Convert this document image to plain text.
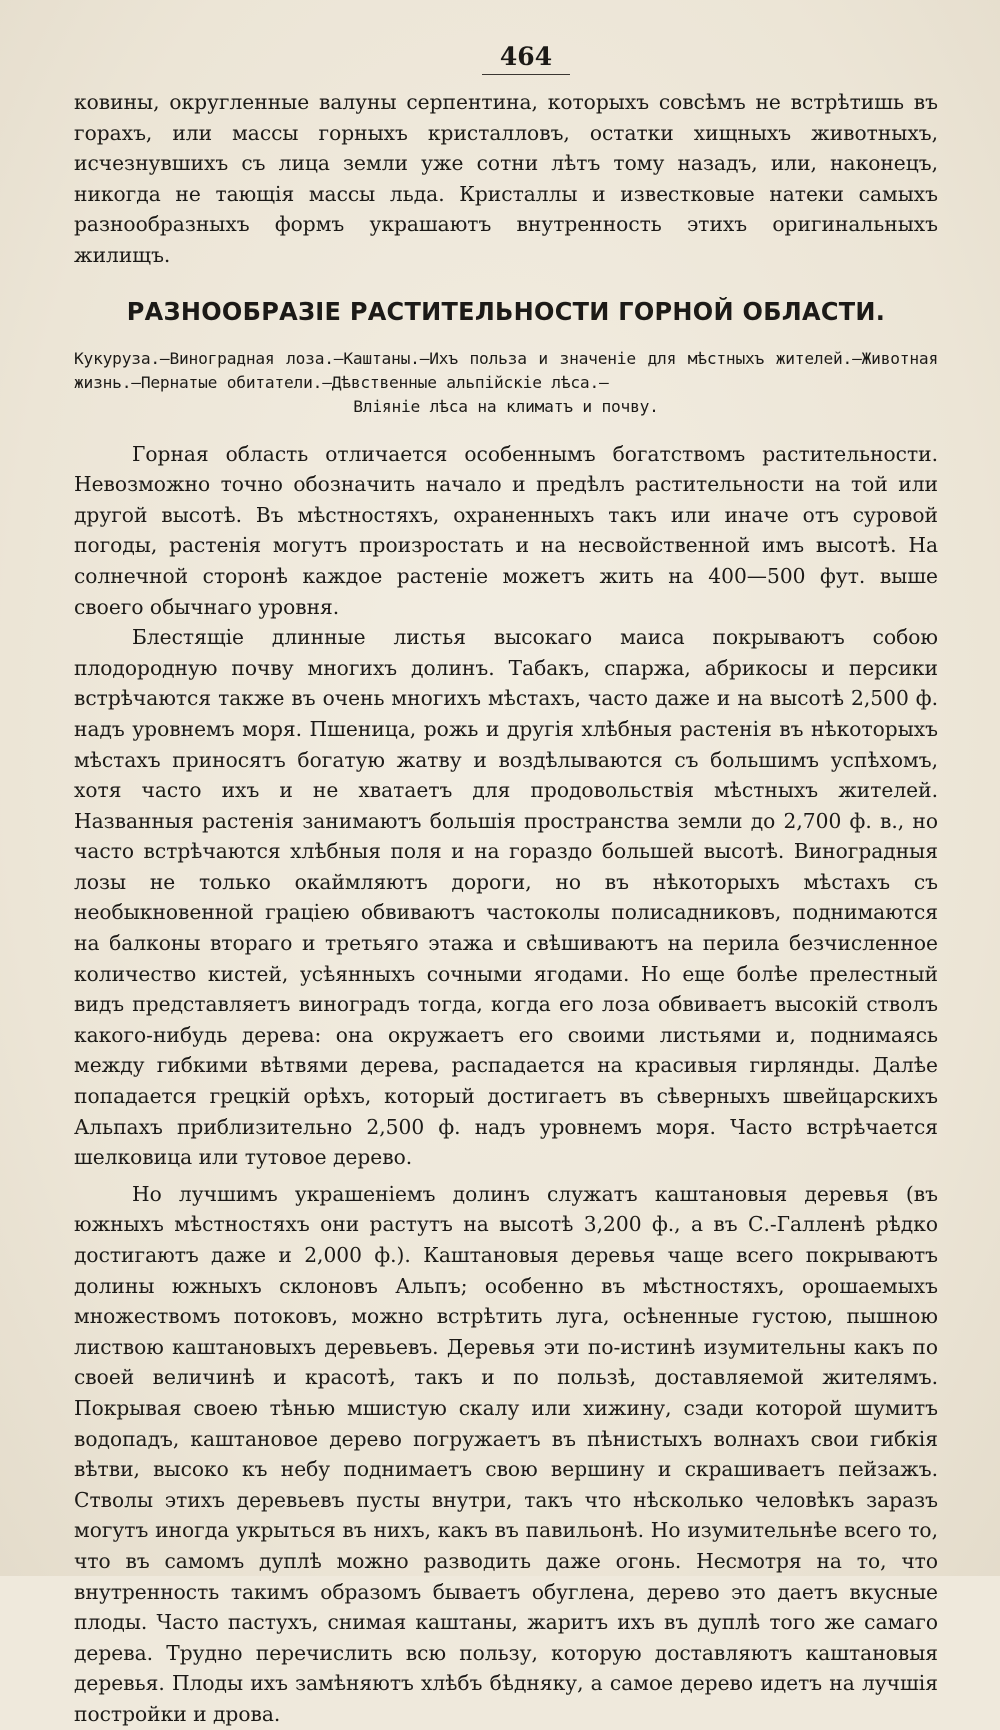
464

ковины, округленные валуны серпентина, которыхъ совсѣмъ не встрѣтишь въ горахъ, или массы горныхъ кристалловъ, остатки хищныхъ животныхъ, исчезнувшихъ съ лица земли уже сотни лѣтъ тому назадъ, или, наконецъ, никогда не тающія массы льда. Кристаллы и известковые натеки самыхъ разнообразныхъ формъ украшаютъ внутренность этихъ оригинальныхъ жилищъ.

РАЗНООБРАЗІЕ РАСТИТЕЛЬНОСТИ ГОРНОЙ ОБЛАСТИ.

Кукуруза.—Виноградная лоза.—Каштаны.—Ихъ польза и значеніе для мѣстныхъ жителей.—Животная жизнь.—Пернатые обитатели.—Дѣвственные альпійскіе лѣса.—

Вліяніе лѣса на климатъ и почву.

Горная область отличается особеннымъ богатствомъ растительности. Невозможно точно обозначить начало и предѣлъ растительности на той или другой высотѣ. Въ мѣстностяхъ, охраненныхъ такъ или иначе отъ суровой погоды, растенія могутъ произростать и на несвойственной имъ высотѣ. На солнечной сторонѣ каждое растеніе можетъ жить на 400—500 фут. выше своего обычнаго уровня.

Блестящіе длинные листья высокаго маиса покрываютъ собою плодородную почву многихъ долинъ. Табакъ, спаржа, абрикосы и персики встрѣчаются также въ очень многихъ мѣстахъ, часто даже и на высотѣ 2,500 ф. надъ уровнемъ моря. Пшеница, рожь и другія хлѣбныя растенія въ нѣкоторыхъ мѣстахъ приносятъ богатую жатву и воздѣлываются съ большимъ успѣхомъ, хотя часто ихъ и не хватаетъ для продовольствія мѣстныхъ жителей. Названныя растенія занимаютъ большія пространства земли до 2,700 ф. в., но часто встрѣчаются хлѣбныя поля и на гораздо большей высотѣ. Виноградныя лозы не только окаймляютъ дороги, но въ нѣкоторыхъ мѣстахъ съ необыкновенной граціею обвиваютъ частоколы полисадниковъ, поднимаются на балконы втораго и третьяго этажа и свѣшиваютъ на перила безчисленное количество кистей, усѣянныхъ сочными ягодами. Но еще болѣе прелестный видъ представляетъ виноградъ тогда, когда его лоза обвиваетъ высокій стволъ какого-нибудь дерева: она окружаетъ его своими листьями и, поднимаясь между гибкими вѣтвями дерева, распадается на красивыя гирлянды. Далѣе попадается грецкій орѣхъ, который достигаетъ въ сѣверныхъ швейцарскихъ Альпахъ приблизительно 2,500 ф. надъ уровнемъ моря. Часто встрѣчается шелковица или тутовое дерево.

Но лучшимъ украшеніемъ долинъ служатъ каштановыя деревья (въ южныхъ мѣстностяхъ они растутъ на высотѣ 3,200 ф., а въ С.-Галленѣ рѣдко достигаютъ даже и 2,000 ф.). Каштановыя деревья чаще всего покрываютъ долины южныхъ склоновъ Альпъ; особенно въ мѣстностяхъ, орошаемыхъ множествомъ потоковъ, можно встрѣтить луга, осѣненные густою, пышною листвою каштановыхъ деревьевъ. Деревья эти по-истинѣ изумительны какъ по своей величинѣ и красотѣ, такъ и по пользѣ, доставляемой жителямъ. Покрывая своею тѣнью мшистую скалу или хижину, сзади которой шумитъ водопадъ, каштановое дерево погружаетъ въ пѣнистыхъ волнахъ свои гибкія вѣтви, высоко къ небу поднимаетъ свою вершину и скрашиваетъ пейзажъ. Стволы этихъ деревьевъ пусты внутри, такъ что нѣсколько человѣкъ заразъ могутъ иногда укрыться въ нихъ, какъ въ павильонѣ. Но изумительнѣе всего то, что въ самомъ дуплѣ можно разводить даже огонь. Несмотря на то, что внутренность такимъ образомъ бываетъ обуглена, дерево это даетъ вкусные плоды. Часто пастухъ, снимая каштаны, жаритъ ихъ въ дуплѣ того же самаго дерева. Трудно перечислить всю пользу, которую доставляютъ каштановыя деревья. Плоды ихъ замѣняютъ хлѣбъ бѣдняку, а самое дерево идетъ на лучшія постройки и дрова.
